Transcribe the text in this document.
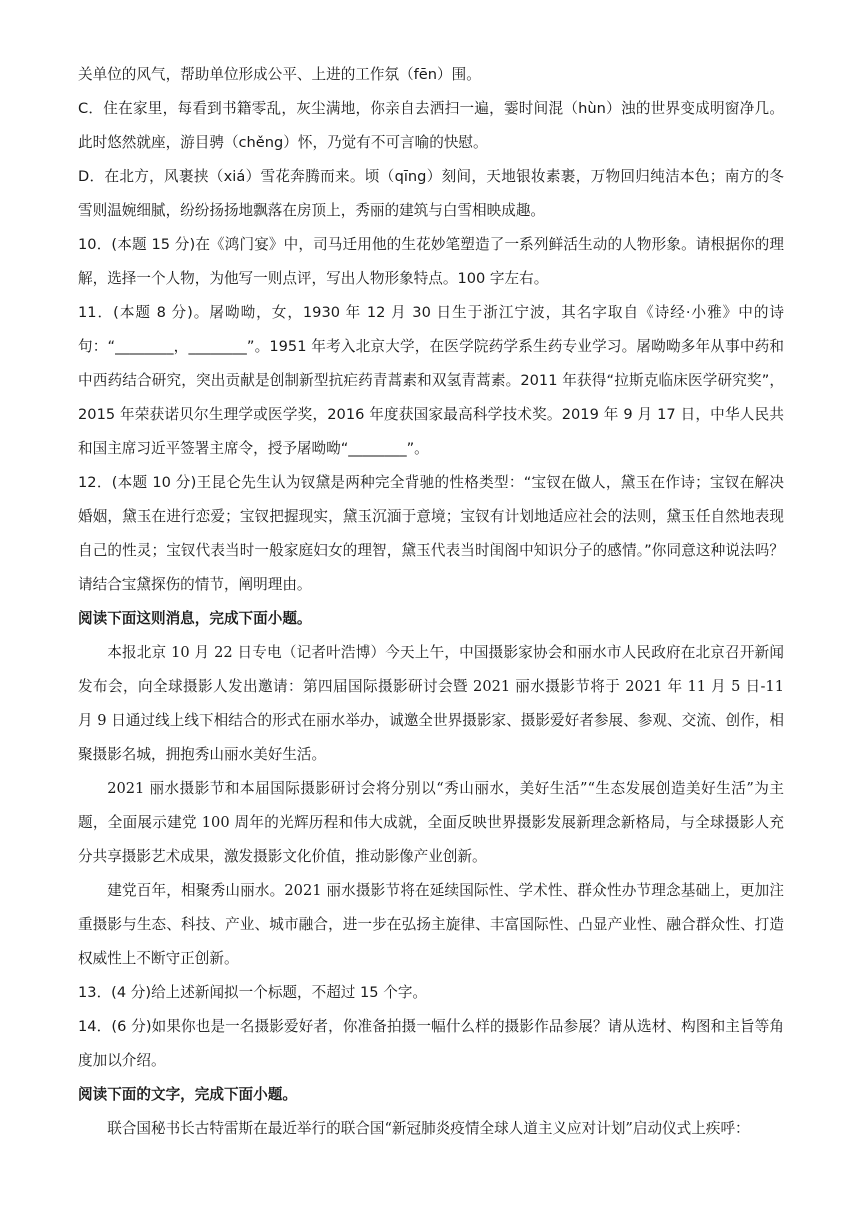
关单位的风气，帮助单位形成公平、上进的工作氛（fēn）围。

C．住在家里，每看到书籍零乱，灰尘满地，你亲自去洒扫一遍，霎时间混（hùn）浊的世界变成明窗净几。此时悠然就座，游目骋（chěng）怀，乃觉有不可言喻的快慰。

D．在北方，风裹挟（xiá）雪花奔腾而来。顷（qīng）刻间，天地银妆素裹，万物回归纯洁本色；南方的冬雪则温婉细腻，纷纷扬扬地飘落在房顶上，秀丽的建筑与白雪相映成趣。

10．(本题 15 分)在《鸿门宴》中，司马迁用他的生花妙笔塑造了一系列鲜活生动的人物形象。请根据你的理解，选择一个人物，为他写一则点评，写出人物形象特点。100 字左右。

11．(本题 8 分)。屠呦呦，女，1930 年 12 月 30 日生于浙江宁波，其名字取自《诗经·小雅》中的诗句：“________，________”。1951 年考入北京大学，在医学院药学系生药专业学习。屠呦呦多年从事中药和中西药结合研究，突出贡献是创制新型抗疟药青蒿素和双氢青蒿素。2011 年获得“拉斯克临床医学研究奖”，2015 年荣获诺贝尔生理学或医学奖，2016 年度获国家最高科学技术奖。2019 年 9 月 17 日，中华人民共和国主席习近平签署主席令，授予屠呦呦“________”。

12．(本题 10 分)王昆仑先生认为钗黛是两种完全背驰的性格类型：“宝钗在做人，黛玉在作诗；宝钗在解决婚姻，黛玉在进行恋爱；宝钗把握现实，黛玉沉湎于意境；宝钗有计划地适应社会的法则，黛玉任自然地表现自己的性灵；宝钗代表当时一般家庭妇女的理智，黛玉代表当时闺阁中知识分子的感情。”你同意这种说法吗？请结合宝黛探伤的情节，阐明理由。

阅读下面这则消息，完成下面小题。

本报北京 10 月 22 日专电（记者叶浩博）今天上午，中国摄影家协会和丽水市人民政府在北京召开新闻发布会，向全球摄影人发出邀请：第四届国际摄影研讨会暨 2021 丽水摄影节将于 2021 年 11 月 5 日-11 月 9 日通过线上线下相结合的形式在丽水举办，诚邀全世界摄影家、摄影爱好者参展、参观、交流、创作，相聚摄影名城，拥抱秀山丽水美好生活。

2021 丽水摄影节和本届国际摄影研讨会将分别以“秀山丽水，美好生活”“生态发展创造美好生活”为主题，全面展示建党 100 周年的光辉历程和伟大成就，全面反映世界摄影发展新理念新格局，与全球摄影人充分共享摄影艺术成果，激发摄影文化价值，推动影像产业创新。

建党百年，相聚秀山丽水。2021 丽水摄影节将在延续国际性、学术性、群众性办节理念基础上，更加注重摄影与生态、科技、产业、城市融合，进一步在弘扬主旋律、丰富国际性、凸显产业性、融合群众性、打造权威性上不断守正创新。

13．(4 分)给上述新闻拟一个标题，不超过 15 个字。

14．(6 分)如果你也是一名摄影爱好者，你准备拍摄一幅什么样的摄影作品参展？请从选材、构图和主旨等角度加以介绍。

阅读下面的文字，完成下面小题。

联合国秘书长古特雷斯在最近举行的联合国“新冠肺炎疫情全球人道主义应对计划”启动仪式上疾呼：
